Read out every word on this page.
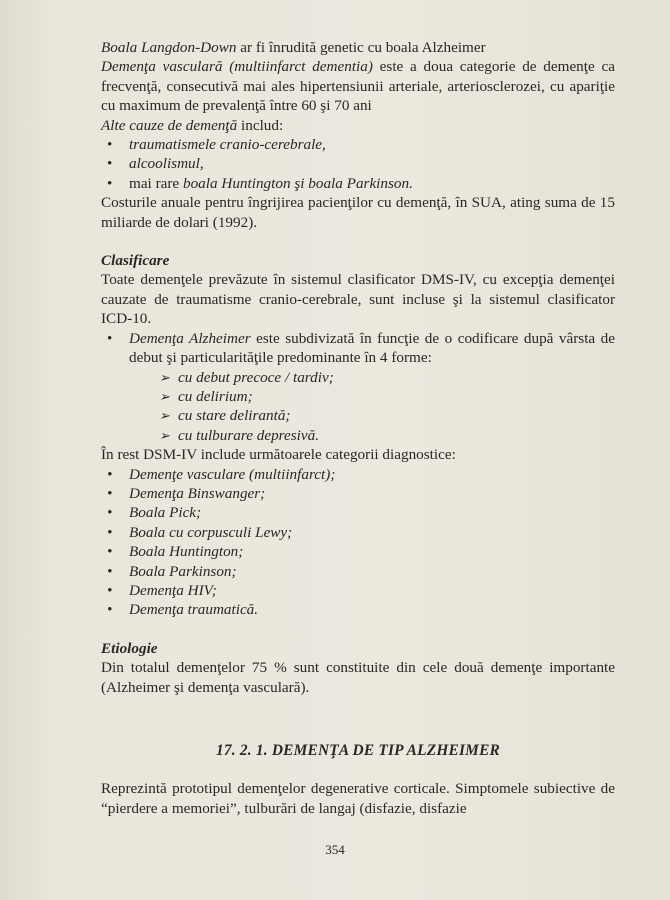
Boala Langdon-Down ar fi înrudită genetic cu boala Alzheimer

Demenţa vasculară (multiinfarct dementia) este a doua categorie de demenţe ca frecvenţă, consecutivă mai ales hipertensiunii arteriale, arteriosclerozei, cu apariţie cu maximum de prevalenţă între 60 şi 70 ani

Alte cauze de demenţă includ:

• traumatismele cranio-cerebrale,
• alcoolismul,
• mai rare boala Huntington şi boala Parkinson.

Costurile anuale pentru îngrijirea pacienţilor cu demenţă, în SUA, ating suma de 15 miliarde de dolari (1992).

Clasificare

Toate demenţele prevăzute în sistemul clasificator DMS-IV, cu excepţia demenţei cauzate de traumatisme cranio-cerebrale, sunt incluse şi la sistemul clasificator ICD-10.

• Demenţa Alzheimer este subdivizată în funcţie de o codificare după vârsta de debut şi particularităţile predominante în 4 forme:
➢ cu debut precoce / tardiv;
➢ cu delirium;
➢ cu stare delirantă;
➢ cu tulburare depresivă.

În rest DSM-IV include următoarele categorii diagnostice:

• Demenţe vasculare (multiinfarct);
• Demenţa Binswanger;
• Boala Pick;
• Boala cu corpusculi Lewy;
• Boala Huntington;
• Boala Parkinson;
• Demenţa HIV;
• Demenţa traumatică.

Etiologie

Din totalul demenţelor 75 % sunt constituite din cele două demenţe importante (Alzheimer şi demenţa vasculară).

17. 2. 1. DEMENŢA DE TIP ALZHEIMER

Reprezintă prototipul demenţelor degenerative corticale. Simptomele subiective de “pierdere a memoriei”, tulburări de langaj (disfazie, disfazie

354
